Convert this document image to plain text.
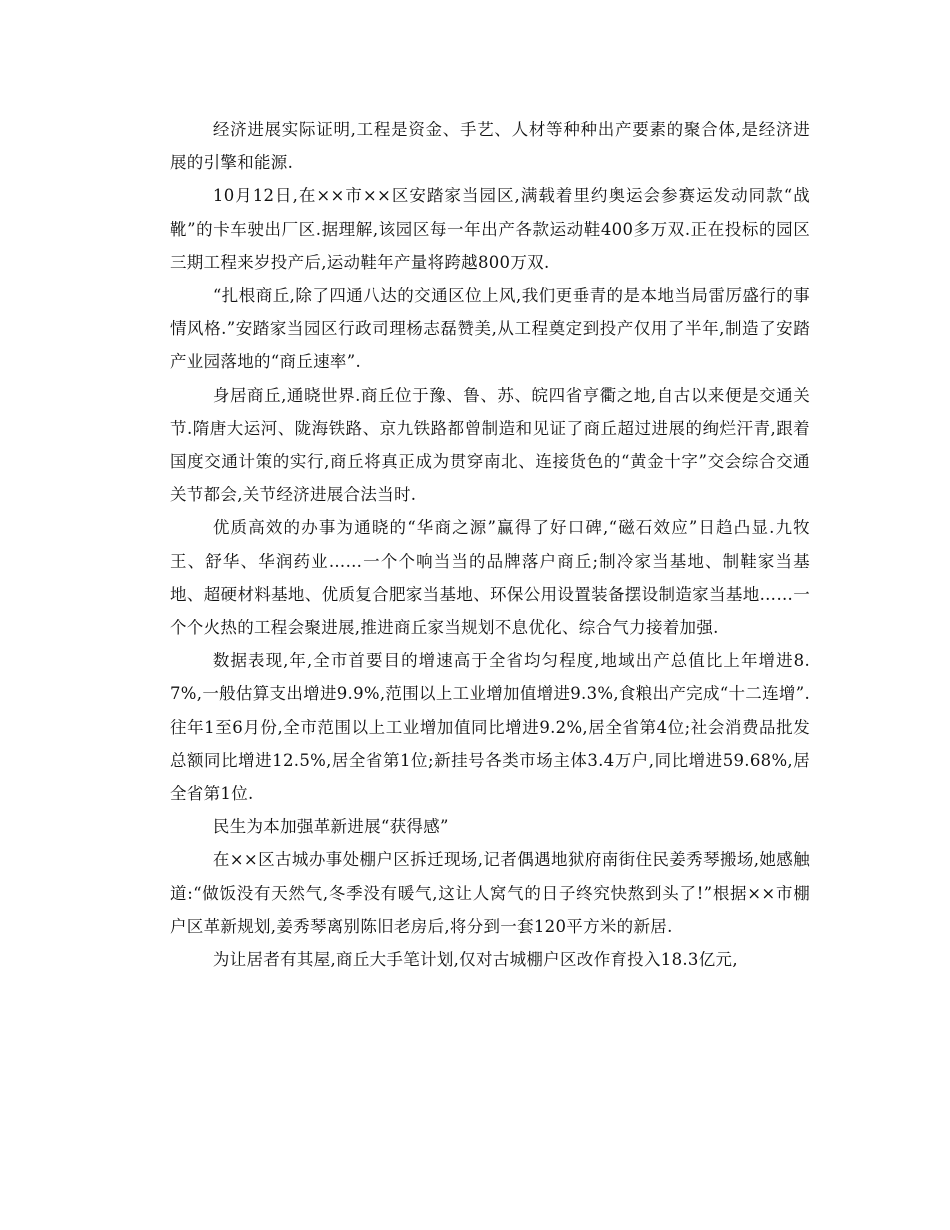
经济进展实际证明,工程是资金、手艺、人材等种种出产要素的聚合体,是经济进展的引擎和能源.

10月12日,在××市××区安踏家当园区,满载着里约奥运会参赛运发动同款“战靴”的卡车驶出厂区.据理解,该园区每一年出产各款运动鞋400多万双.正在投标的园区三期工程来岁投产后,运动鞋年产量将跨越800万双.

“扎根商丘,除了四通八达的交通区位上风,我们更垂青的是本地当局雷厉盛行的事情风格.”安踏家当园区行政司理杨志磊赞美,从工程奠定到投产仅用了半年,制造了安踏产业园落地的“商丘速率”.

身居商丘,通晓世界.商丘位于豫、鲁、苏、皖四省亨衢之地,自古以来便是交通关节.隋唐大运河、陇海铁路、京九铁路都曾制造和见证了商丘超过进展的绚烂汗青,跟着国度交通计策的实行,商丘将真正成为贯穿南北、连接货色的“黄金十字”交会综合交通关节都会,关节经济进展合法当时.

优质高效的办事为通晓的“华商之源”赢得了好口碑,“磁石效应”日趋凸显.九牧王、舒华、华润药业……一个个响当当的品牌落户商丘;制冷家当基地、制鞋家当基地、超硬材料基地、优质复合肥家当基地、环保公用设置装备摆设制造家当基地……一个个火热的工程会聚进展,推进商丘家当规划不息优化、综合气力接着加强.

数据表现,年,全市首要目的增速高于全省均匀程度,地域出产总值比上年增进8.7%,一般估算支出增进9.9%,范围以上工业增加值增进9.3%,食粮出产完成“十二连增”.往年1至6月份,全市范围以上工业增加值同比增进9.2%,居全省第4位;社会消费品批发总额同比增进12.5%,居全省第1位;新挂号各类市场主体3.4万户,同比增进59.68%,居全省第1位.

民生为本加强革新进展“获得感”

在××区古城办事处棚户区拆迁现场,记者偶遇地狱府南街住民姜秀琴搬场,她感触道:“做饭没有天然气,冬季没有暖气,这让人窝气的日子终究快熬到头了!”根据××市棚户区革新规划,姜秀琴离别陈旧老房后,将分到一套120平方米的新居.

为让居者有其屋,商丘大手笔计划,仅对古城棚户区改作育投入18.3亿元,
